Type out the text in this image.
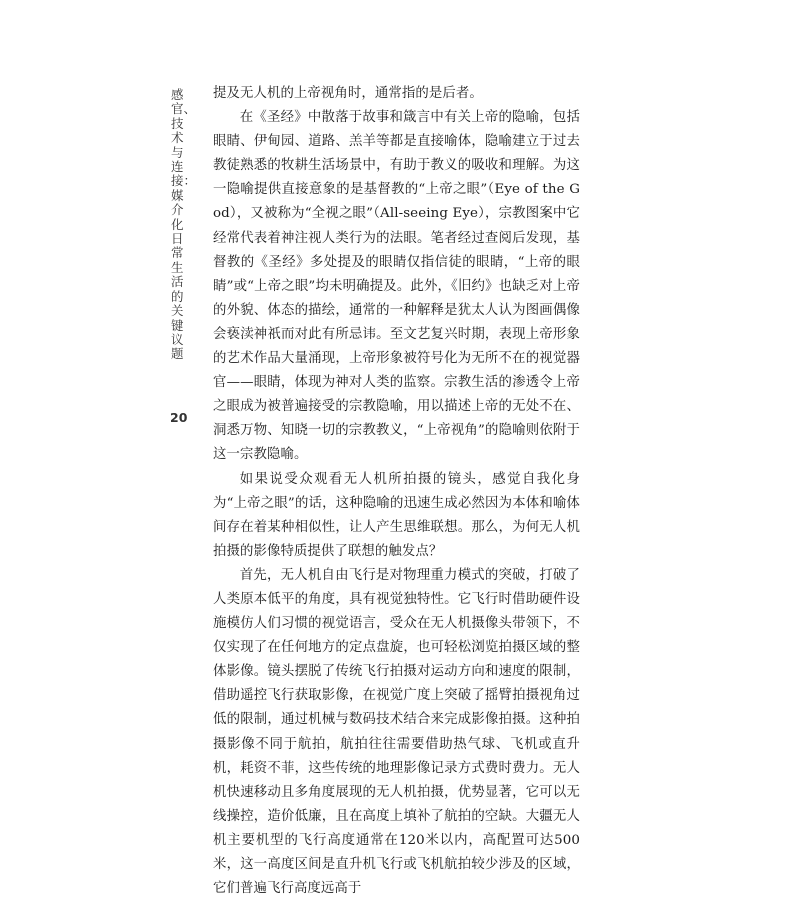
感官、技术与连接：媒介化日常生活的关键议题
20

提及无人机的上帝视角时，通常指的是后者。

在《圣经》中散落于故事和箴言中有关上帝的隐喻，包括眼睛、伊甸园、道路、羔羊等都是直接喻体，隐喻建立于过去教徒熟悉的牧耕生活场景中，有助于教义的吸收和理解。为这一隐喻提供直接意象的是基督教的“上帝之眼”（Eye of the God），又被称为“全视之眼”（All-seeing Eye），宗教图案中它经常代表着神注视人类行为的法眼。笔者经过查阅后发现，基督教的《圣经》多处提及的眼睛仅指信徒的眼睛，“上帝的眼睛”或“上帝之眼”均未明确提及。此外，《旧约》也缺乏对上帝的外貌、体态的描绘，通常的一种解释是犹太人认为图画偶像会亵渎神祇而对此有所忌讳。至文艺复兴时期，表现上帝形象的艺术作品大量涌现，上帝形象被符号化为无所不在的视觉器官——眼睛，体现为神对人类的监察。宗教生活的渗透令上帝之眼成为被普遍接受的宗教隐喻，用以描述上帝的无处不在、洞悉万物、知晓一切的宗教教义，“上帝视角”的隐喻则依附于这一宗教隐喻。

如果说受众观看无人机所拍摄的镜头，感觉自我化身为“上帝之眼”的话，这种隐喻的迅速生成必然因为本体和喻体间存在着某种相似性，让人产生思维联想。那么，为何无人机拍摄的影像特质提供了联想的触发点？

首先，无人机自由飞行是对物理重力模式的突破，打破了人类原本低平的角度，具有视觉独特性。它飞行时借助硬件设施模仿人们习惯的视觉语言，受众在无人机摄像头带领下，不仅实现了在任何地方的定点盘旋，也可轻松浏览拍摄区域的整体影像。镜头摆脱了传统飞行拍摄对运动方向和速度的限制，借助遥控飞行获取影像，在视觉广度上突破了摇臂拍摄视角过低的限制，通过机械与数码技术结合来完成影像拍摄。这种拍摄影像不同于航拍，航拍往往需要借助热气球、飞机或直升机，耗资不菲，这些传统的地理影像记录方式费时费力。无人机快速移动且多角度展现的无人机拍摄，优势显著，它可以无线操控，造价低廉，且在高度上填补了航拍的空缺。大疆无人机主要机型的飞行高度通常在120米以内，高配置可达500米，这一高度区间是直升机飞行或飞机航拍较少涉及的区域，它们普遍飞行高度远高于
